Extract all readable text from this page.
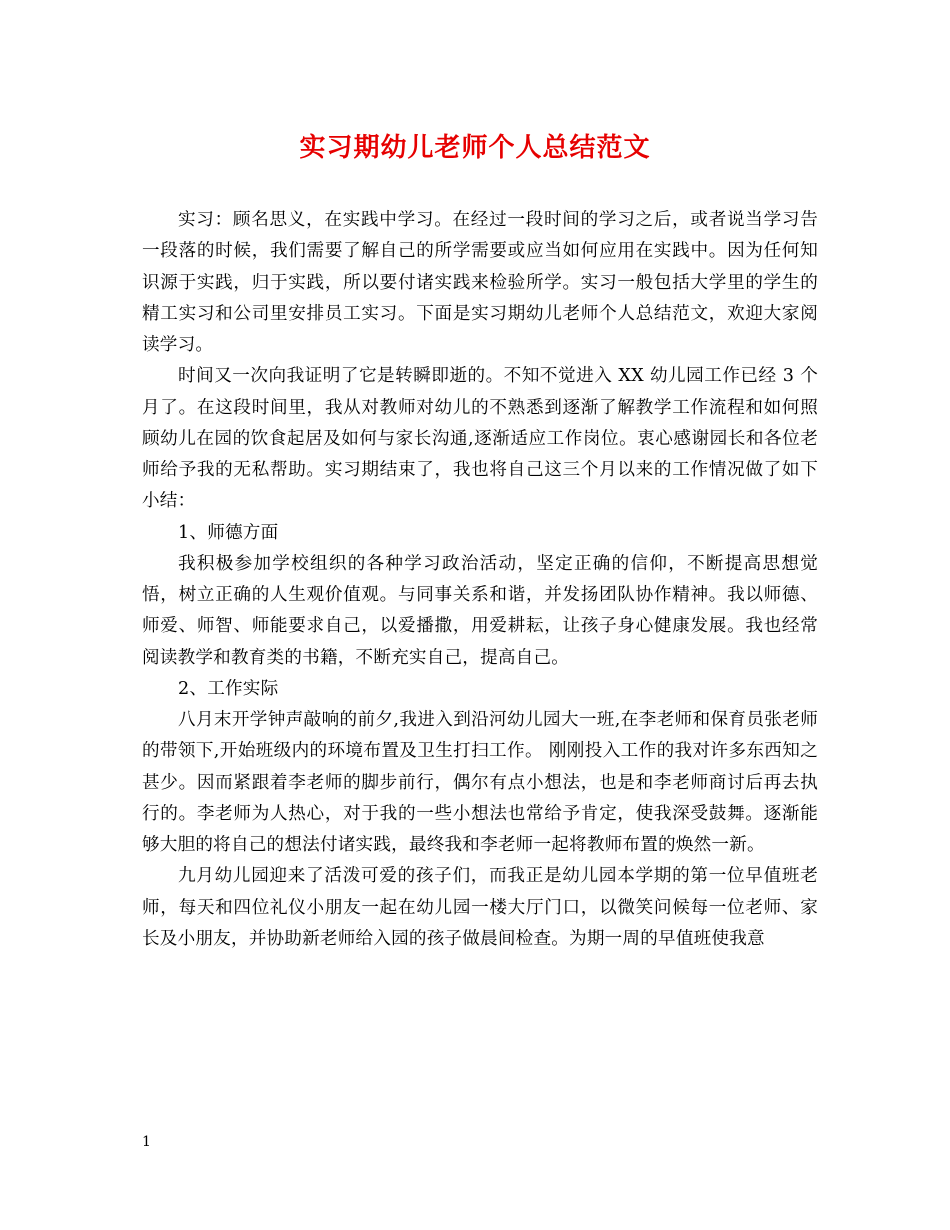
实习期幼儿老师个人总结范文

实习：顾名思义，在实践中学习。在经过一段时间的学习之后，或者说当学习告一段落的时候，我们需要了解自己的所学需要或应当如何应用在实践中。因为任何知识源于实践，归于实践，所以要付诸实践来检验所学。实习一般包括大学里的学生的精工实习和公司里安排员工实习。下面是实习期幼儿老师个人总结范文，欢迎大家阅读学习。

时间又一次向我证明了它是转瞬即逝的。不知不觉进入 XX 幼儿园工作已经 3 个月了。在这段时间里，我从对教师对幼儿的不熟悉到逐渐了解教学工作流程和如何照顾幼儿在园的饮食起居及如何与家长沟通,逐渐适应工作岗位。衷心感谢园长和各位老师给予我的无私帮助。实习期结束了，我也将自己这三个月以来的工作情况做了如下小结：

1、师德方面

我积极参加学校组织的各种学习政治活动，坚定正确的信仰，不断提高思想觉悟，树立正确的人生观价值观。与同事关系和谐，并发扬团队协作精神。我以师德、师爱、师智、师能要求自己，以爱播撒，用爱耕耘，让孩子身心健康发展。我也经常阅读教学和教育类的书籍，不断充实自己，提高自己。

2、工作实际

八月末开学钟声敲响的前夕,我进入到沿河幼儿园大一班,在李老师和保育员张老师的带领下,开始班级内的环境布置及卫生打扫工作。 刚刚投入工作的我对许多东西知之甚少。因而紧跟着李老师的脚步前行，偶尔有点小想法，也是和李老师商讨后再去执行的。李老师为人热心，对于我的一些小想法也常给予肯定，使我深受鼓舞。逐渐能够大胆的将自己的想法付诸实践，最终我和李老师一起将教师布置的焕然一新。

九月幼儿园迎来了活泼可爱的孩子们，而我正是幼儿园本学期的第一位早值班老师，每天和四位礼仪小朋友一起在幼儿园一楼大厅门口，以微笑问候每一位老师、家长及小朋友，并协助新老师给入园的孩子做晨间检查。为期一周的早值班使我意

1
